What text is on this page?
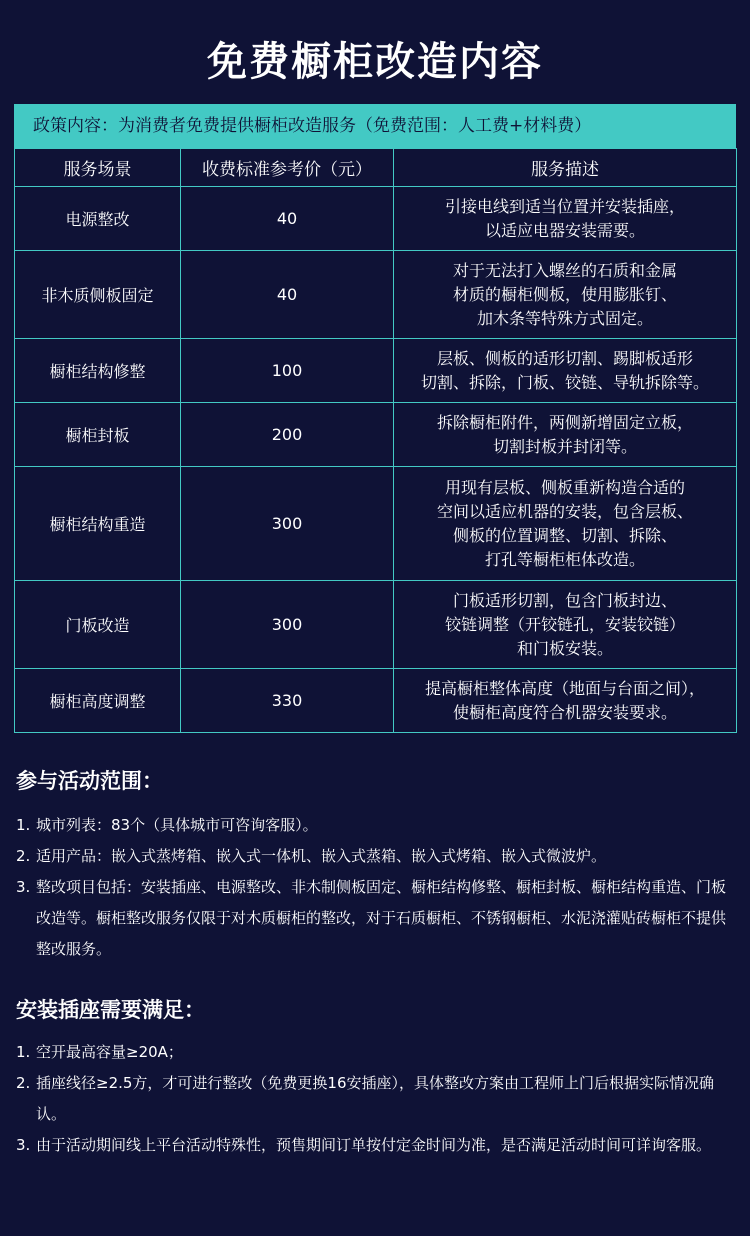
免费橱柜改造内容
政策内容：为消费者免费提供橱柜改造服务（免费范围：人工费+材料费）
服务场景	收费标准参考价（元）	服务描述
电源整改	40	引接电线到适当位置并安装插座，
以适应电器安装需要。

非木质侧板固定	40	对于无法打入螺丝的石质和金属
材质的橱柜侧板，使用膨胀钉、
加木条等特殊方式固定。

橱柜结构修整	100	层板、侧板的适形切割、踢脚板适形
切割、拆除，门板、铰链、导轨拆除等。

橱柜封板	200	拆除橱柜附件，两侧新增固定立板，
切割封板并封闭等。

橱柜结构重造	300	用现有层板、侧板重新构造合适的
空间以适应机器的安装，包含层板、
侧板的位置调整、切割、拆除、
打孔等橱柜柜体改造。

门板改造	300	门板适形切割，包含门板封边、
铰链调整（开铰链孔，安装铰链）
和门板安装。

橱柜高度调整	330	提高橱柜整体高度（地面与台面之间），
使橱柜高度符合机器安装要求。
参与活动范围：
1. 城市列表：83个（具体城市可咨询客服）。
2. 适用产品：嵌入式蒸烤箱、嵌入式一体机、嵌入式蒸箱、嵌入式烤箱、嵌入式微波炉。
3. 整改项目包括：安装插座、电源整改、非木制侧板固定、橱柜结构修整、橱柜封板、橱柜结构重造、门板改造等。橱柜整改服务仅限于对木质橱柜的整改，对于石质橱柜、不锈钢橱柜、水泥浇灌贴砖橱柜不提供整改服务。
安装插座需要满足：
1. 空开最高容量≥20A；
2. 插座线径≥2.5方，才可进行整改（免费更换16安插座），具体整改方案由工程师上门后根据实际情况确认。
3. 由于活动期间线上平台活动特殊性，预售期间订单按付定金时间为准，是否满足活动时间可详询客服。
